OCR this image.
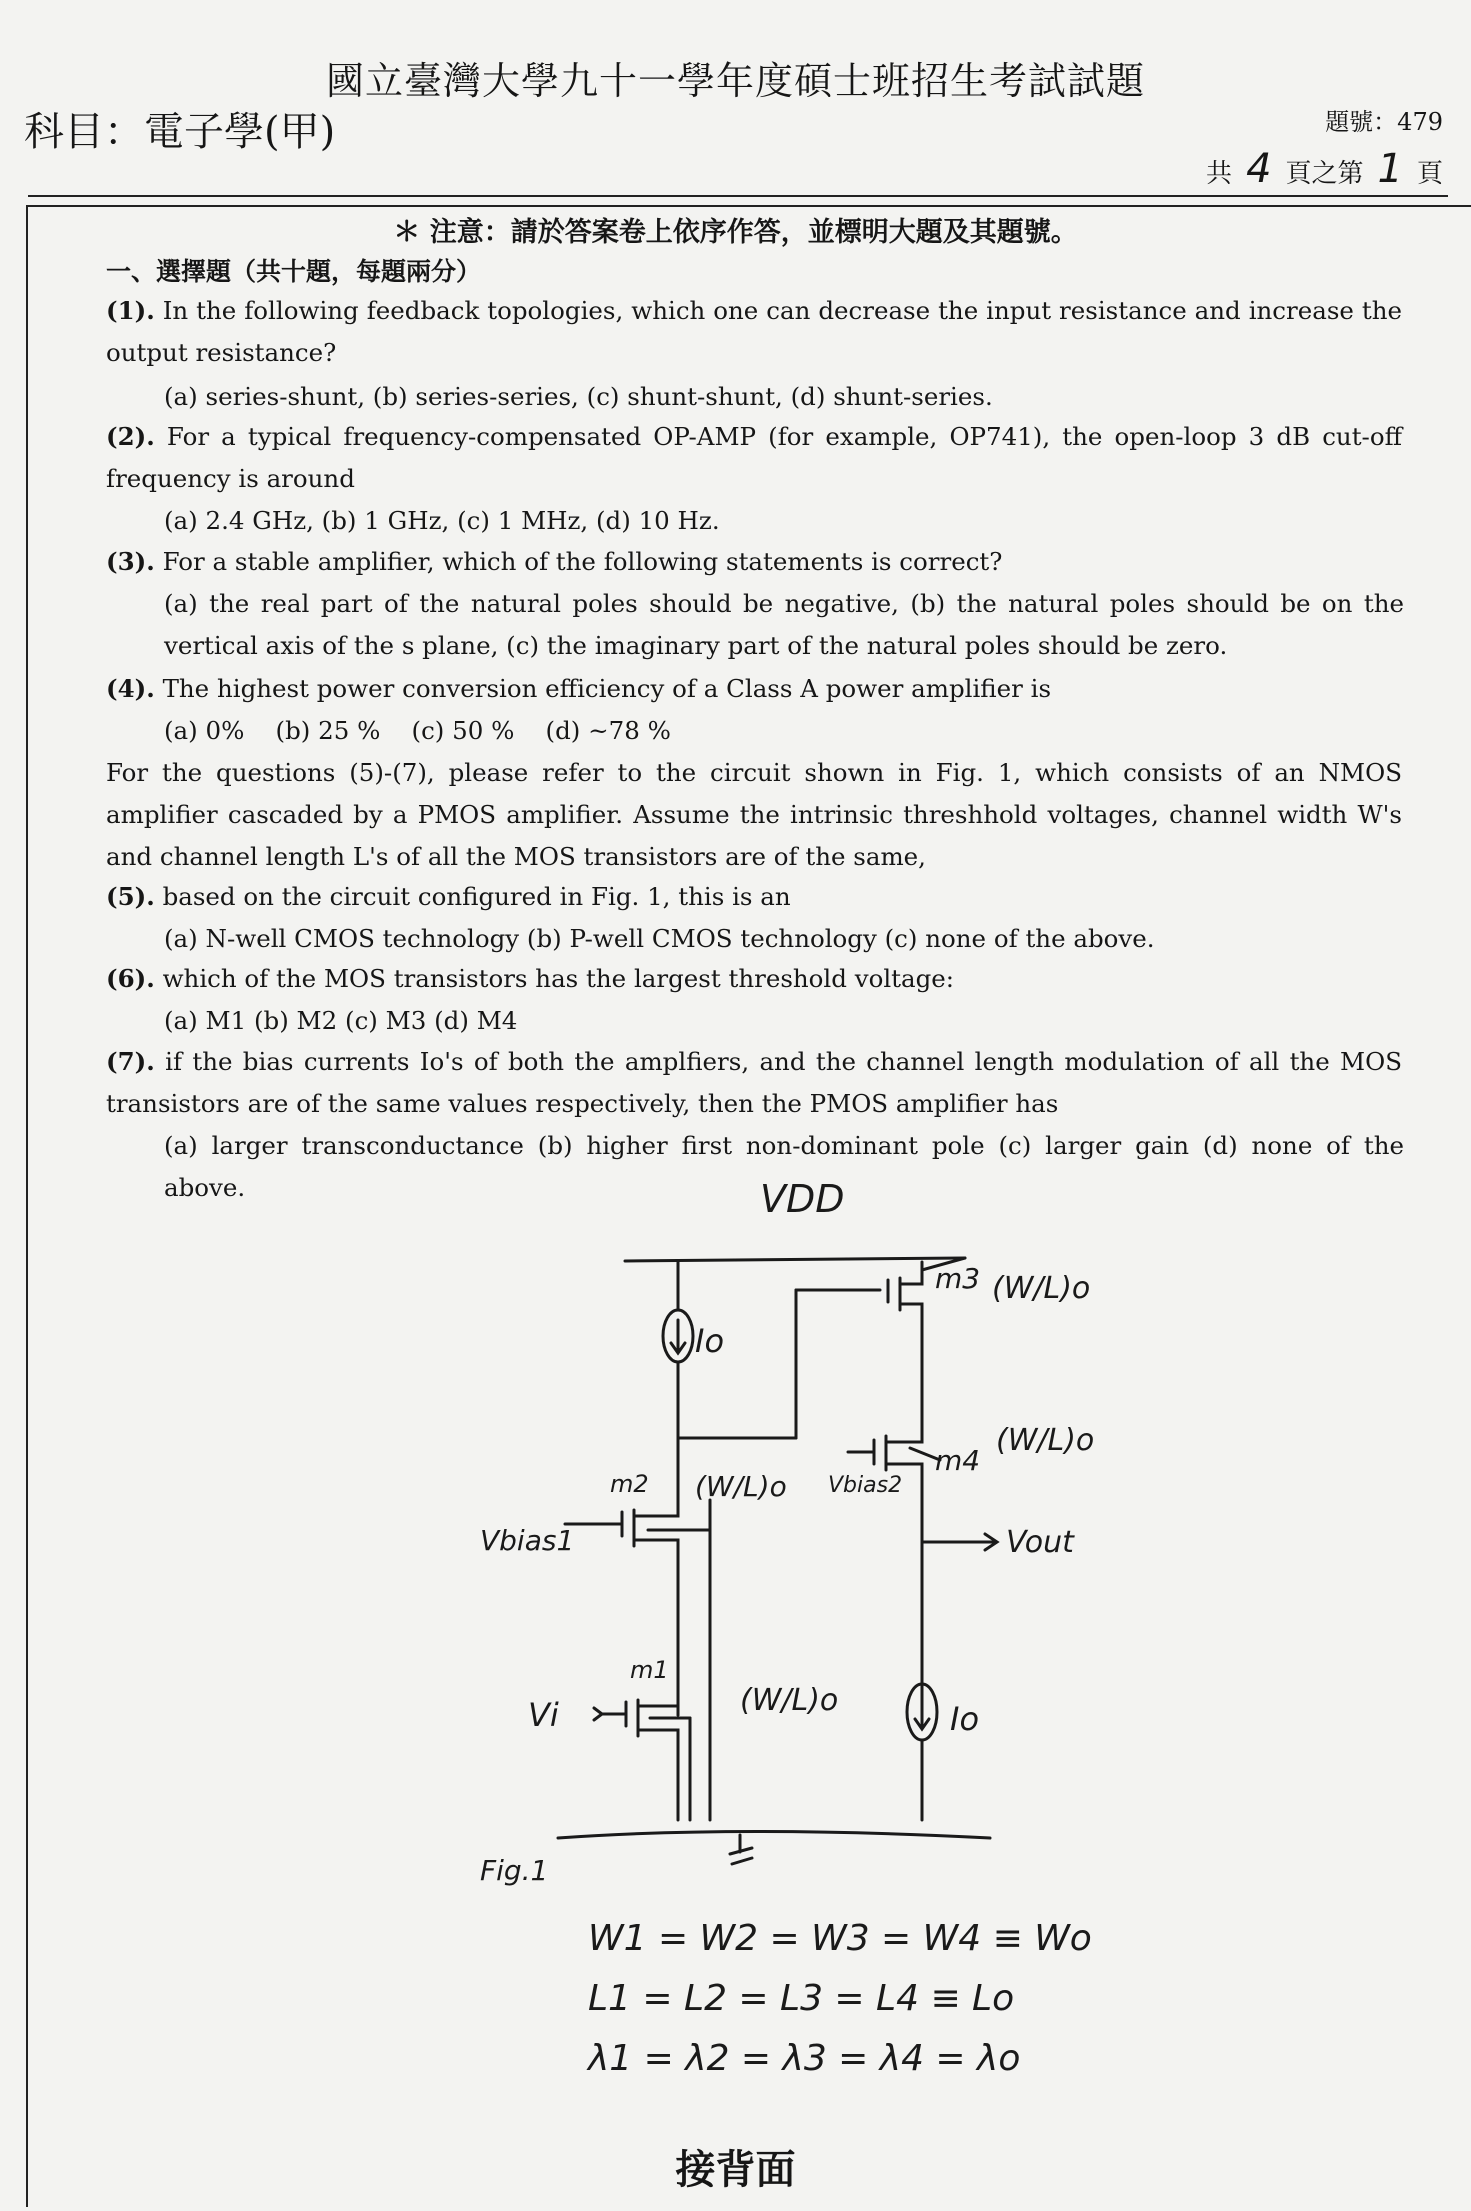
國立臺灣大學九十一學年度碩士班招生考試試題
科目：電子學(甲)	題號：479
共 4 頁之第 1 頁
＊ 注意：請於答案卷上依序作答，並標明大題及其題號。
一、選擇題（共十題，每題兩分）
(1). In the following feedback topologies, which one can decrease the input resistance and increase the output resistance?
(a) series-shunt, (b) series-series, (c) shunt-shunt, (d) shunt-series.
(2). For a typical frequency-compensated OP-AMP (for example, OP741), the open-loop 3 dB cut-off frequency is around
(a) 2.4 GHz, (b) 1 GHz, (c) 1 MHz, (d) 10 Hz.
(3). For a stable amplifier, which of the following statements is correct?
(a) the real part of the natural poles should be negative, (b) the natural poles should be on the vertical axis of the s plane, (c) the imaginary part of the natural poles should be zero.
(4). The highest power conversion efficiency of a Class A power amplifier is
(a) 0%    (b) 25 %    (c) 50 %    (d) ~78 %
For the questions (5)-(7), please refer to the circuit shown in Fig. 1, which consists of an NMOS amplifier cascaded by a PMOS amplifier. Assume the intrinsic threshhold voltages, channel width W's and channel length L's of all the MOS transistors are of the same,
(5). based on the circuit configured in Fig. 1, this is an
(a) N-well CMOS technology (b) P-well CMOS technology (c) none of the above.
(6). which of the MOS transistors has the largest threshold voltage:
(a) M1 (b) M2 (c) M3 (d) M4
(7). if the bias currents Io's of both the amplfiers, and the channel length modulation of all the MOS transistors are of the same values respectively, then the PMOS amplifier has
(a) larger transconductance (b) higher first non-dominant pole (c) larger gain (d) none of the above.	VDD
Io
m3 (W/L)o
m4
(W/L)o
Vbias2
m2 (W/L)o
Vbias1	Vout
m1
Vi	(W/L)o	Io
Fig.1
W1 = W2 = W3 = W4 ≡ Wo
L1 = L2 = L3 = L4 ≡ Lo
λ1 = λ2 = λ3 = λ4 = λo
接背面
